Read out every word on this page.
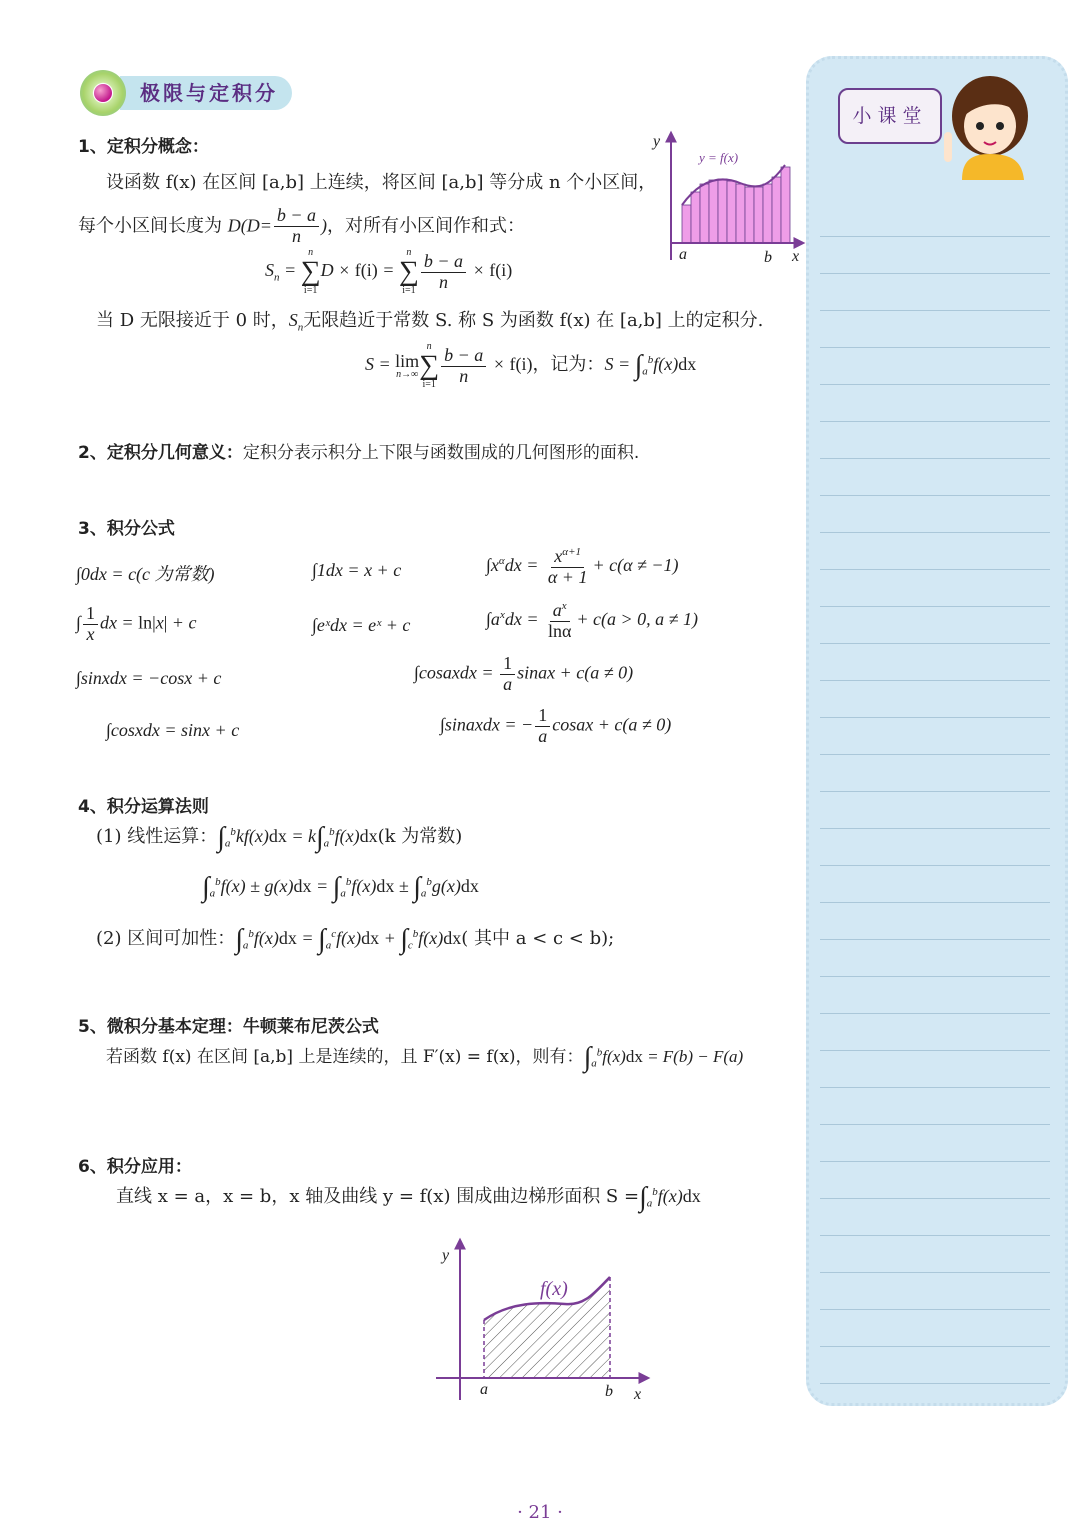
极限与定积分
1、定积分概念：
设函数 f(x) 在区间 [a,b] 上连续，将区间 [a,b] 等分成 n 个小区间，
每个小区间长度为 $D(D= \frac{b - a}{n}$ )，对所有小区间作和式：
$S_n$ =
n
∑
i=1
D × f(i) =
n
∑
$i=1 \frac{b - a}{n} \times f(i)$
当 D 无限接近于 0 时，$S_n$无限趋近于常数 S. 称 S 为函数 f(x) 在 [a,b] 上的定积分.
S = lim
n→∞
n
∑
$i=1 \frac{b - a}{n} \times f(i)$，记为：$S = \int_a^bf(x)dx$
y
x
a	b
y = f(x)
2、定积分几何意义：定积分表示积分上下限与函数围成的几何图形的面积.
3、积分公式
∫0dx = c(c 为常数)	∫1dx = x + c	$\int x^\alpha dx = \frac{x^{\alpha+1}}{\alpha + 1} + c(\alpha \ne -1)$
∫ $\frac{1}{x}$ dx = ln|x| + c	∫eˣdx = eˣ + c	$\int a^xdx = \frac{a^x}{\ln\alpha} + c(a > 0$, a ≠ 1)
∫sinxdx = −cosx + c	∫cosaxdx = $\frac{1}{a}$ sinax + c(a ≠ 0)
∫cosxdx = sinx + c	∫sinaxdx = − $\frac{1}{a}$ cosax + c(a ≠ 0)
4、积分运算法则
(1) 线性运算：$\int_a^bkf(x)dx = k\int_a^bf(x)dx(k$ 为常数)
$\int_a^bf(x) \pm g(x)dx = \int_a^bf(x)dx \pm \int_a^bg(x)dx$
(2) 区间可加性：$\int_a^bf(x)dx = \int_a^cf(x)dx + \int_c^bf(x)dx$( 其中 a < c < b);
5、微积分基本定理：牛顿莱布尼茨公式
若函数 f(x) 在区间 [a,b] 上是连续的，且 F′(x) = f(x)，则有：$\int_a^bf(x)dx = F(b) - F(a)$
6、积分应用：
直线 x = a，x = b，x 轴及曲线 y = f(x) 围成曲边梯形面积 $S =\int_a^bf(x)dx$
y
x
a	b
f(x)
小课堂
· 21 ·
